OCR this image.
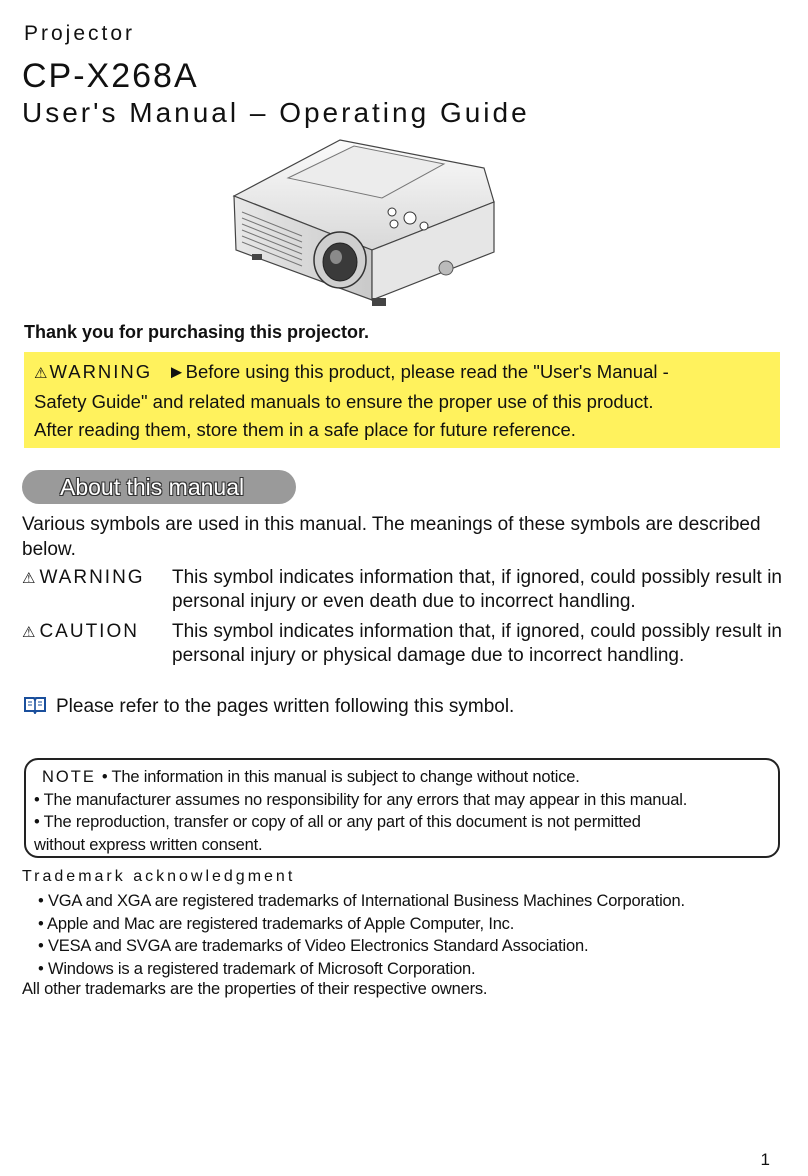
Projector
CP-X268A
User's Manual – Operating Guide
Thank you for purchasing this projector.
⚠ WARNING ►Before using this product, please read the "User's Manual -
Safety Guide" and related manuals to ensure the proper use of this product.
After reading them, store them in a safe place for future reference.
About this manual
Various symbols are used in this manual. The meanings of these symbols are described below.
⚠ WARNING This symbol indicates information that, if ignored, could possibly result in personal injury or even death due to incorrect handling.
⚠ CAUTION This symbol indicates information that, if ignored, could possibly result in personal injury or physical damage due to incorrect handling.
Please refer to the pages written following this symbol.
NOTE • The information in this manual is subject to change without notice.
• The manufacturer assumes no responsibility for any errors that may appear in this manual.
• The reproduction, transfer or copy of all or any part of this document is not permitted
without express written consent.
Trademark acknowledgment
• VGA and XGA are registered trademarks of International Business Machines Corporation.
• Apple and Mac are registered trademarks of Apple Computer, Inc.
• VESA and SVGA are trademarks of Video Electronics Standard Association.
• Windows is a registered trademark of Microsoft Corporation.
All other trademarks are the properties of their respective owners.
1
